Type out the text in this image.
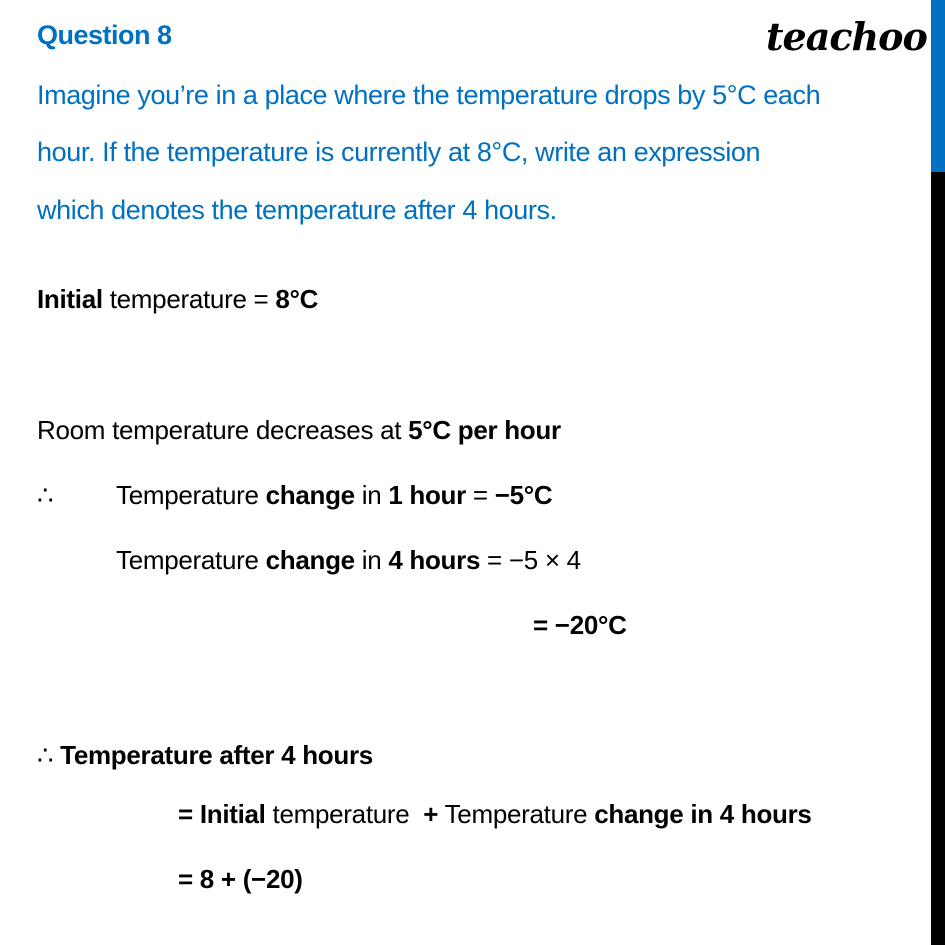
Question 8	teachoo
Imagine you’re in a place where the temperature drops by 5°C each
hour. If the temperature is currently at 8°C, write an expression
which denotes the temperature after 4 hours.
Initial temperature = 8°C
Room temperature decreases at 5°C per hour
∴ Temperature change in 1 hour = −5°C
Temperature change in 4 hours = −5 × 4
= −20°C
∴ Temperature after 4 hours
= Initial temperature  + Temperature change in 4 hours
= 8 + (−20)
